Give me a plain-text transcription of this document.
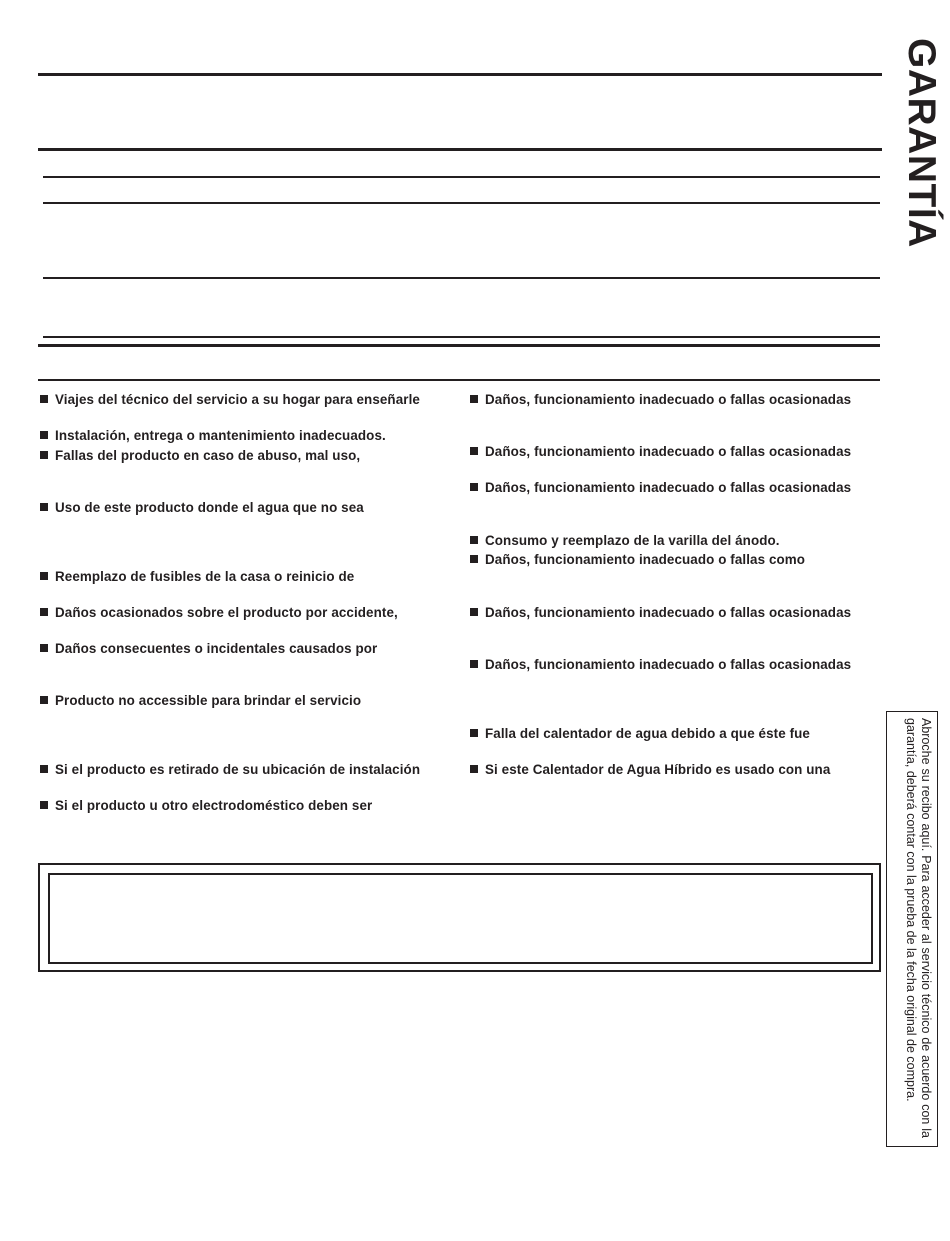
GARANTÍA
Viajes del técnico del servicio a su hogar para enseñarle
Instalación, entrega o mantenimiento inadecuados.
Fallas del producto en caso de abuso, mal uso,
Uso de este producto donde el agua que no sea
Reemplazo de fusibles de la casa o reinicio de
Daños ocasionados sobre el producto por accidente,
Daños consecuentes o incidentales causados por
Producto no accessible para brindar el servicio
Si el producto es retirado de su ubicación de instalación
Si el producto u otro electrodoméstico deben ser
Daños, funcionamiento inadecuado o fallas ocasionadas
Daños, funcionamiento inadecuado o fallas ocasionadas
Daños, funcionamiento inadecuado o fallas ocasionadas
Consumo y reemplazo de la varilla del ánodo.
Daños, funcionamiento inadecuado o fallas como
Daños, funcionamiento inadecuado o fallas ocasionadas
Daños, funcionamiento inadecuado o fallas ocasionadas
Falla del calentador de agua debido a que éste fue
Si este Calentador de Agua Híbrido es usado con una	Abroche su recibo aquí. Para acceder al servicio técnico de acuerdo con la garantía, deberá contar con la prueba de la fecha original de compra.
